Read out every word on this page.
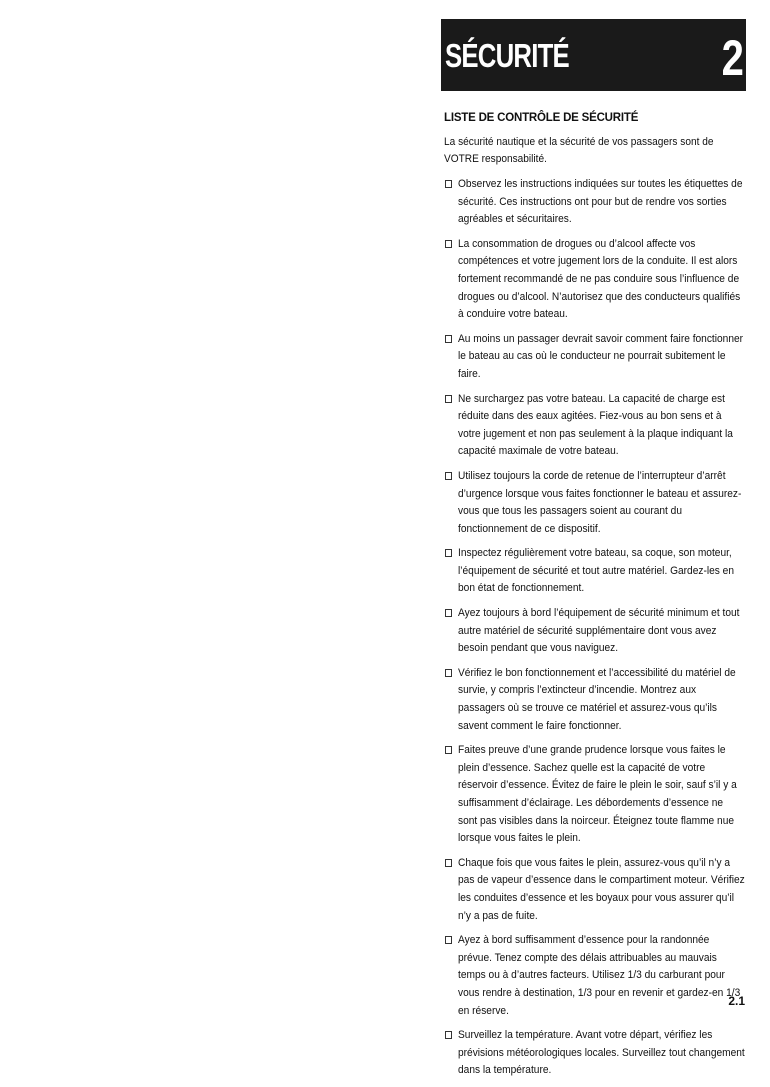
SÉCURITÉ	2
LISTE DE CONTRÔLE DE SÉCURITÉ
La sécurité nautique et la sécurité de vos passagers sont de VOTRE responsabilité.
Observez les instructions indiquées sur toutes les étiquettes de sécurité. Ces instructions ont pour but de rendre vos sorties agréables et sécuritaires.
La consommation de drogues ou d’alcool affecte vos compétences et votre jugement lors de la conduite. Il est alors fortement recommandé de ne pas conduire sous l’influence de drogues ou d’alcool. N’autorisez que des conducteurs qualifiés à conduire votre bateau.
Au moins un passager devrait savoir comment faire fonctionner le bateau au cas où le conducteur ne pourrait subitement le faire.
Ne surchargez pas votre bateau. La capacité de charge est réduite dans des eaux agitées. Fiez-vous au bon sens et à votre jugement et non pas seulement à la plaque indiquant la capacité maximale de votre bateau.
Utilisez toujours la corde de retenue de l’interrupteur d’arrêt d’urgence lorsque vous faites fonctionner le bateau et assurez-vous que tous les passagers soient au courant du fonctionnement de ce dispositif.
Inspectez régulièrement votre bateau, sa coque, son moteur, l’équipement de sécurité et tout autre matériel. Gardez-les en bon état de fonctionnement.
Ayez toujours à bord l’équipement de sécurité minimum et tout autre matériel de sécurité supplémentaire dont vous avez besoin pendant que vous naviguez.
Vérifiez le bon fonctionnement et l’accessibilité du matériel de survie, y compris l’extincteur d’incendie. Montrez aux passagers où se trouve ce matériel et assurez-vous qu’ils savent comment le faire fonctionner.
Faites preuve d’une grande prudence lorsque vous faites le plein d’essence. Sachez quelle est la capacité de votre réservoir d’essence. Évitez de faire le plein le soir, sauf s’il y a suffisamment d’éclairage. Les débordements d’essence ne sont pas visibles dans la noirceur. Éteignez toute flamme nue lorsque vous faites le plein.
Chaque fois que vous faites le plein, assurez-vous qu’il n’y a pas de vapeur d’essence dans le compartiment moteur. Vérifiez les conduites d’essence et les boyaux pour vous assurer qu’il n’y a pas de fuite.
Ayez à bord suffisamment d’essence pour la randonnée prévue. Tenez compte des délais attribuables au mauvais temps ou à d’autres facteurs. Utilisez 1/3 du carburant pour vous rendre à destination, 1/3 pour en revenir et gardez-en 1/3 en réserve.
Surveillez la température. Avant votre départ, vérifiez les prévisions météorologiques locales. Surveillez tout changement dans la température.
2.1
